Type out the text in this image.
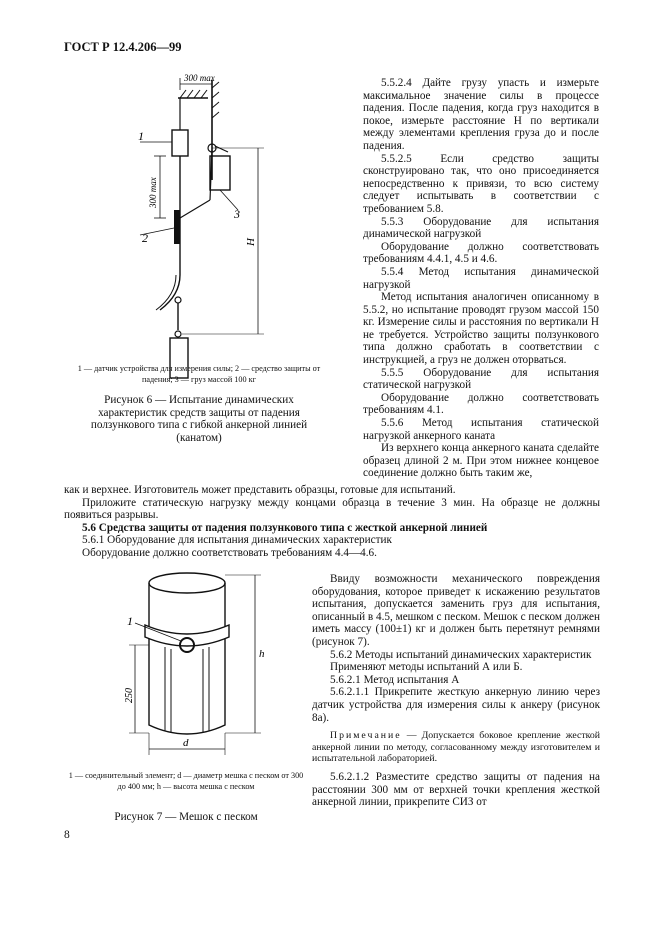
ГОСТ Р 12.4.206—99
300 max
1
2
300 max
3
H
1 — датчик устройства для измерения силы; 2 — средство защиты от падения; 3 — груз массой 100 кг
Рисунок 6 — Испытание динамических характеристик средств защиты от падения ползункового типа с гибкой анкерной линией (канатом)

5.5.2.4 Дайте грузу упасть и измерьте максимальное значение силы в процессе падения. После падения, когда груз находится в покое, измерьте расстояние H по вертикали между элементами крепления груза до и после падения.

5.5.2.5 Если средство защиты сконструировано так, что оно присоединяется непосредственно к привязи, то всю систему следует испытывать в соответствии с требованием 5.8.

5.5.3 Оборудование для испытания динамической нагрузкой

Оборудование должно соответствовать требованиям 4.4.1, 4.5 и 4.6.

5.5.4 Метод испытания динамической нагрузкой

Метод испытания аналогичен описанному в 5.5.2, но испытание проводят грузом массой 150 кг. Измерение силы и расстояния по вертикали H не требуется. Устройство защиты ползункового типа должно сработать в соответствии с инструкцией, а груз не должен оторваться.

5.5.5 Оборудование для испытания статической нагрузкой

Оборудование должно соответствовать требованиям 4.1.

5.5.6 Метод испытания статической нагрузкой анкерного каната

Из верхнего конца анкерного каната сделайте образец длиной 2 м. При этом нижнее концевое соединение должно быть таким же,

как и верхнее. Изготовитель может представить образцы, готовые для испытаний.

Приложите статическую нагрузку между концами образца в течение 3 мин. На образце не должны появиться разрывы.

5.6 Средства защиты от падения ползункового типа с жесткой анкерной линией

5.6.1 Оборудование для испытания динамических характеристик

Оборудование должно соответствовать требованиям 4.4—4.6.

1
h
250
d
1 — соединительный элемент; d — диаметр мешка с песком от 300 до 400 мм; h — высота мешка с песком
Рисунок 7 — Мешок с песком

Ввиду возможности механического повреждения оборудования, которое приведет к искажению результатов испытания, допускается заменить груз для испытания, описанный в 4.5, мешком с песком. Мешок с песком должен иметь массу (100±1) кг и должен быть перетянут ремнями (рисунок 7).

5.6.2 Методы испытаний динамических характеристик

Применяют методы испытаний А или Б.

5.6.2.1 Метод испытания А

5.6.2.1.1 Прикрепите жесткую анкерную линию через датчик устройства для измерения силы к анкеру (рисунок 8а).

Примечание — Допускается боковое крепление жесткой анкерной линии по методу, согласованному между изготовителем и испытательной лабораторией.

5.6.2.1.2 Разместите средство защиты от падения на расстоянии 300 мм от верхней точки крепления жесткой анкерной линии, прикрепите СИЗ от

8
